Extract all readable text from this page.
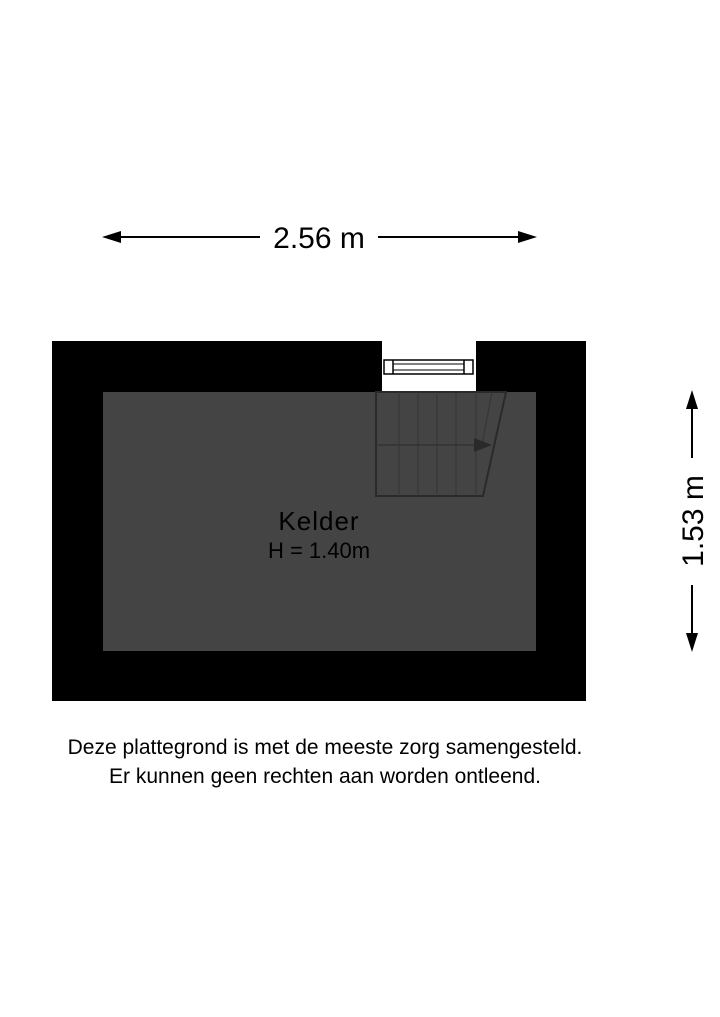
2.56 m
1.53 m
Kelder
H = 1.40m
Deze plattegrond is met de meeste zorg samengesteld.
Er kunnen geen rechten aan worden ontleend.
